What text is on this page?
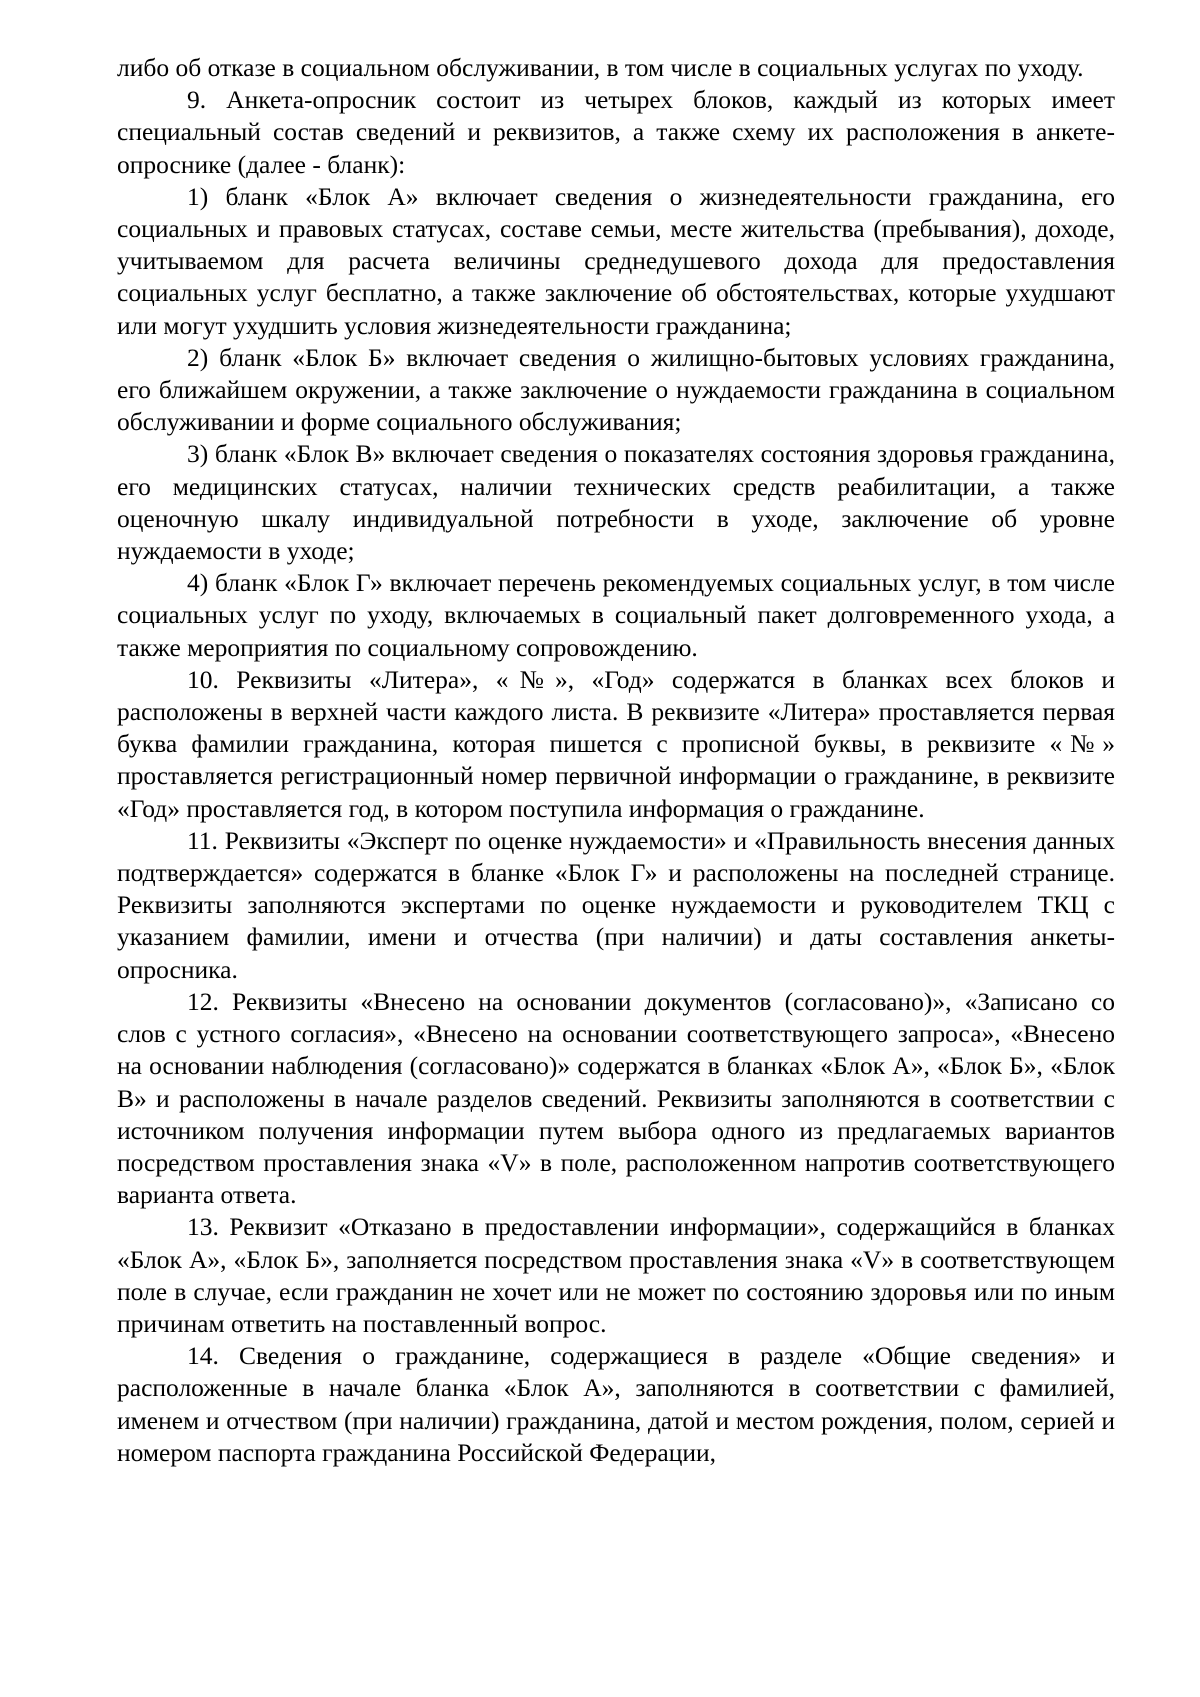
либо об отказе в социальном обслуживании, в том числе в социальных услугах по уходу.

9. Анкета-опросник состоит из четырех блоков, каждый из которых имеет специальный состав сведений и реквизитов, а также схему их расположения в анкете-опроснике (далее - бланк):

1) бланк «Блок А» включает сведения о жизнедеятельности гражданина, его социальных и правовых статусах, составе семьи, месте жительства (пребывания), доходе, учитываемом для расчета величины среднедушевого дохода для предоставления социальных услуг бесплатно, а также заключение об обстоятельствах, которые ухудшают или могут ухудшить условия жизнедеятельности гражданина;

2) бланк «Блок Б» включает сведения о жилищно-бытовых условиях гражданина, его ближайшем окружении, а также заключение о нуждаемости гражданина в социальном обслуживании и форме социального обслуживания;

3) бланк «Блок В» включает сведения о показателях состояния здоровья гражданина, его медицинских статусах, наличии технических средств реабилитации, а также оценочную шкалу индивидуальной потребности в уходе, заключение об уровне нуждаемости в уходе;

4) бланк «Блок Г» включает перечень рекомендуемых социальных услуг, в том числе социальных услуг по уходу, включаемых в социальный пакет долговременного ухода, а также мероприятия по социальному сопровождению.

10. Реквизиты «Литера», «№», «Год» содержатся в бланках всех блоков и расположены в верхней части каждого листа. В реквизите «Литера» проставляется первая буква фамилии гражданина, которая пишется с прописной буквы, в реквизите «№» проставляется регистрационный номер первичной информации о гражданине, в реквизите «Год» проставляется год, в котором поступила информация о гражданине.

11. Реквизиты «Эксперт по оценке нуждаемости» и «Правильность внесения данных подтверждается» содержатся в бланке «Блок Г» и расположены на последней странице. Реквизиты заполняются экспертами по оценке нуждаемости и руководителем ТКЦ с указанием фамилии, имени и отчества (при наличии) и даты составления анкеты-опросника.

12. Реквизиты «Внесено на основании документов (согласовано)», «Записано со слов с устного согласия», «Внесено на основании соответствующего запроса», «Внесено на основании наблюдения (согласовано)» содержатся в бланках «Блок А», «Блок Б», «Блок В» и расположены в начале разделов сведений. Реквизиты заполняются в соответствии с источником получения информации путем выбора одного из предлагаемых вариантов посредством проставления знака «V» в поле, расположенном напротив соответствующего варианта ответа.

13. Реквизит «Отказано в предоставлении информации», содержащийся в бланках «Блок А», «Блок Б», заполняется посредством проставления знака «V» в соответствующем поле в случае, если гражданин не хочет или не может по состоянию здоровья или по иным причинам ответить на поставленный вопрос.

14. Сведения о гражданине, содержащиеся в разделе «Общие сведения» и расположенные в начале бланка «Блок А», заполняются в соответствии с фамилией, именем и отчеством (при наличии) гражданина, датой и местом рождения, полом, серией и номером паспорта гражданина Российской Федерации,
